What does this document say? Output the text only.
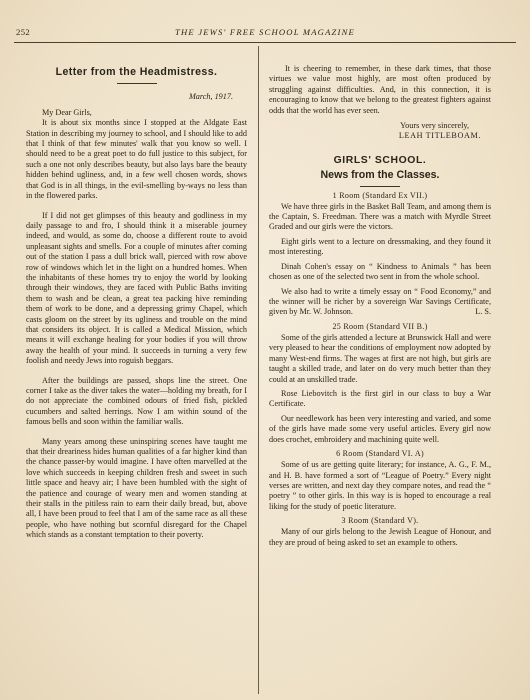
252	THE JEWS' FREE SCHOOL MAGAZINE
Letter from the Headmistress.
March, 1917.

My Dear Girls,

It is about six months since I stopped at the Aldgate East Station in describing my journey to school, and I should like to add that I think of that few minutes' walk that you know so well. I should need to be a great poet to do full justice to this subject, for such a one not only describes beauty, but also lays bare the beauty hidden behind ugliness, and, in a few well chosen words, shows that God is in all things, in the evil-smelling by-ways no less than in the flowered parks.

If I did not get glimpses of this beauty and godliness in my daily passage to and fro, I should think it a miserable journey indeed, and would, as some do, choose a different route to avoid unpleasant sights and smells. For a couple of minutes after coming out of the station I pass a dull brick wall, pierced with row above row of windows which let in the light on a hundred homes. When the inhabitants of these homes try to enjoy the world by looking through their windows, they are faced with Public Baths inviting them to wash and be clean, a great tea packing hive reminding them of work to be done, and a depressing grimy Chapel, which casts gloom on the street by its ugliness and trouble on the mind that considers its object. It is called a Medical Mission, which means it will exchange healing for your bodies if you will throw away the health of your mind. It succeeds in turning a very few foolish and needy Jews into roguish beggars.

After the buildings are passed, shops line the street. One corner I take as the diver takes the water—holding my breath, for I do not appreciate the combined odours of fried fish, pickled cucumbers and salted herrings. Now I am within sound of the famous bells and soon within the familiar walls.

Many years among these uninspiring scenes have taught me that their dreariness hides human qualities of a far higher kind than the chance passer-by would imagine. I have often marvelled at the love which succeeds in keeping children fresh and sweet in such little space and heavy air; I have been humbled with the sight of the patience and courage of weary men and women standing at their stalls in the pitiless rain to earn their daily bread, but, above all, I have been proud to feel that I am of the same race as all these people, who have nothing but scornful disregard for the Chapel which stands as a constant temptation to their poverty.

It is cheering to remember, in these dark times, that those virtues we value most highly, are most often produced by struggling against difficulties. And, in this connection, it is encouraging to know that we belong to the greatest fighters against odds that the world has ever seen.

Yours very sincerely,
LEAH TITLEBOAM.
GIRLS' SCHOOL.
News from the Classes.
1 Room (Standard Ex VII.)

We have three girls in the Basket Ball Team, and among them is the Captain, S. Freedman. There was a match with Myrdle Street Graded and our girls were the victors.

Eight girls went to a lecture on dressmaking, and they found it most interesting.

Dinah Cohen's essay on “ Kindness to Animals ” has been chosen as one of the selected two sent in from the whole school.

We also had to write a timely essay on “ Food Economy,” and the winner will be richer by a sovereign War Savings Certificate, given by Mr. W. Johnson.	L. S.

25 Room (Standard VII B.)

Some of the girls attended a lecture at Brunswick Hall and were very pleased to hear the conditions of employment now adopted by many West-end firms. The wages at first are not high, but girls are taught a skilled trade, and later on do very much better than they could at an unskilled trade.

Rose Liebovitch is the first girl in our class to buy a War Certificate.

Our needlework has been very interesting and varied, and some of the girls have made some very useful articles. Every girl now does crochet, embroidery and machining quite well.

6 Room (Standard VI. A)

Some of us are getting quite literary; for instance, A. G., F. M., and H. B. have formed a sort of “League of Poetry.” Every night verses are written, and next day they compare notes, and read the “ poetry ” to other girls. In this way is is hoped to encourage a real liking for the study of poetic literature.

3 Room (Standard V).

Many of our girls belong to the Jewish League of Honour, and they are proud of being asked to set an example to others.
